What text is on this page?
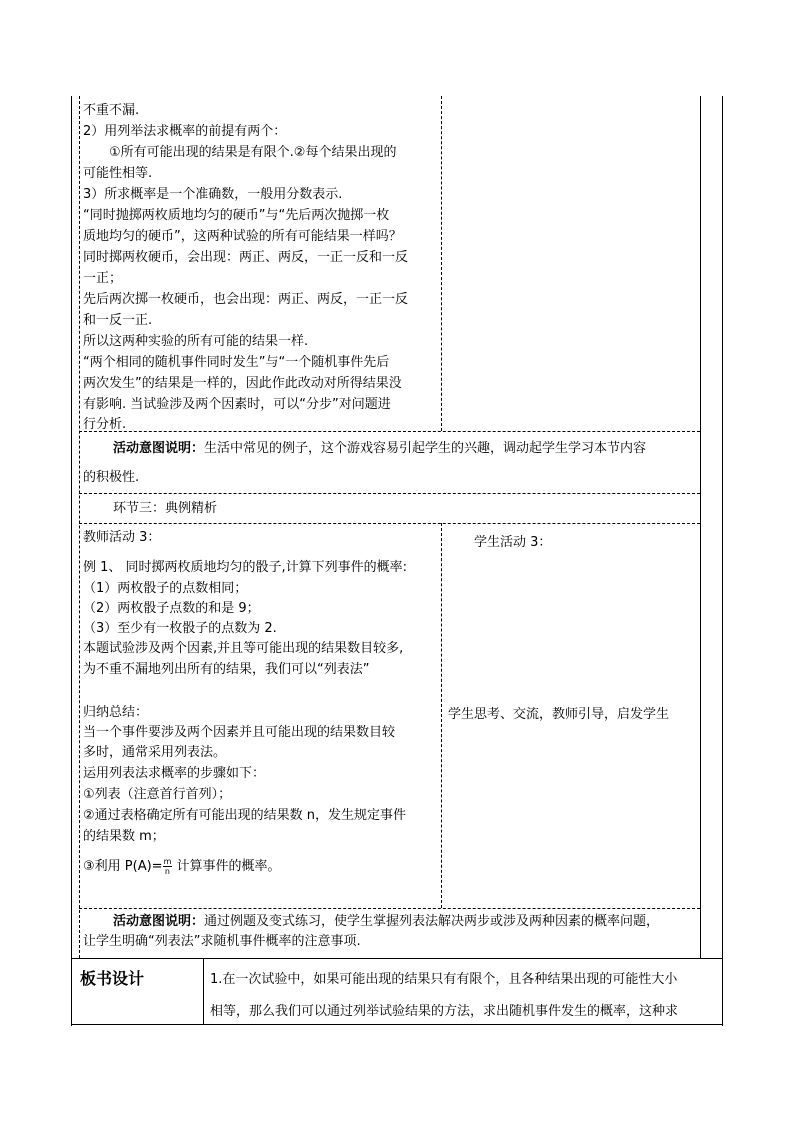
不重不漏.
2）用列举法求概率的前提有两个：
　　①所有可能出现的结果是有限个.②每个结果出现的
可能性相等.
3）所求概率是一个准确数，一般用分数表示.
“同时抛掷两枚质地均匀的硬币”与“先后两次抛掷一枚
质地均匀的硬币”，这两种试验的所有可能结果一样吗？
同时掷两枚硬币，会出现：两正、两反，一正一反和一反
一正；
先后两次掷一枚硬币，也会出现：两正、两反，一正一反
和一反一正.
所以这两种实验的所有可能的结果一样.
“两个相同的随机事件同时发生”与“一个随机事件先后
两次发生”的结果是一样的，因此作此改动对所得结果没
有影响. 当试验涉及两个因素时，可以“分步”对问题进
行分析.
活动意图说明：生活中常见的例子，这个游戏容易引起学生的兴趣，调动起学生学习本节内容
的积极性.
环节三：典例精析
教师活动 3：
例 1、 同时掷两枚质地均匀的骰子,计算下列事件的概率:
（1）两枚骰子的点数相同；
（2）两枚骰子点数的和是 9；
（3）至少有一枚骰子的点数为 2.
本题试验涉及两个因素,并且等可能出现的结果数目较多,
为不重不漏地列出所有的结果，我们可以“列表法”
归纳总结：
当一个事件要涉及两个因素并且可能出现的结果数目较
多时，通常采用列表法。
运用列表法求概率的步骤如下：
①列表（注意首行首列）；
②通过表格确定所有可能出现的结果数 n，发生规定事件
的结果数 m；
③利用 $P(A)= \frac{m}{n}$ 计算事件的概率。
学生活动 3：
学生思考、交流，教师引导，启发学生
活动意图说明：通过例题及变式练习，使学生掌握列表法解决两步或涉及两种因素的概率问题，
让学生明确“列表法”求随机事件概率的注意事项.
板书设计	1.在一次试验中，如果可能出现的结果只有有限个，且各种结果出现的可能性大小
相等，那么我们可以通过列举试验结果的方法，求出随机事件发生的概率，这种求
